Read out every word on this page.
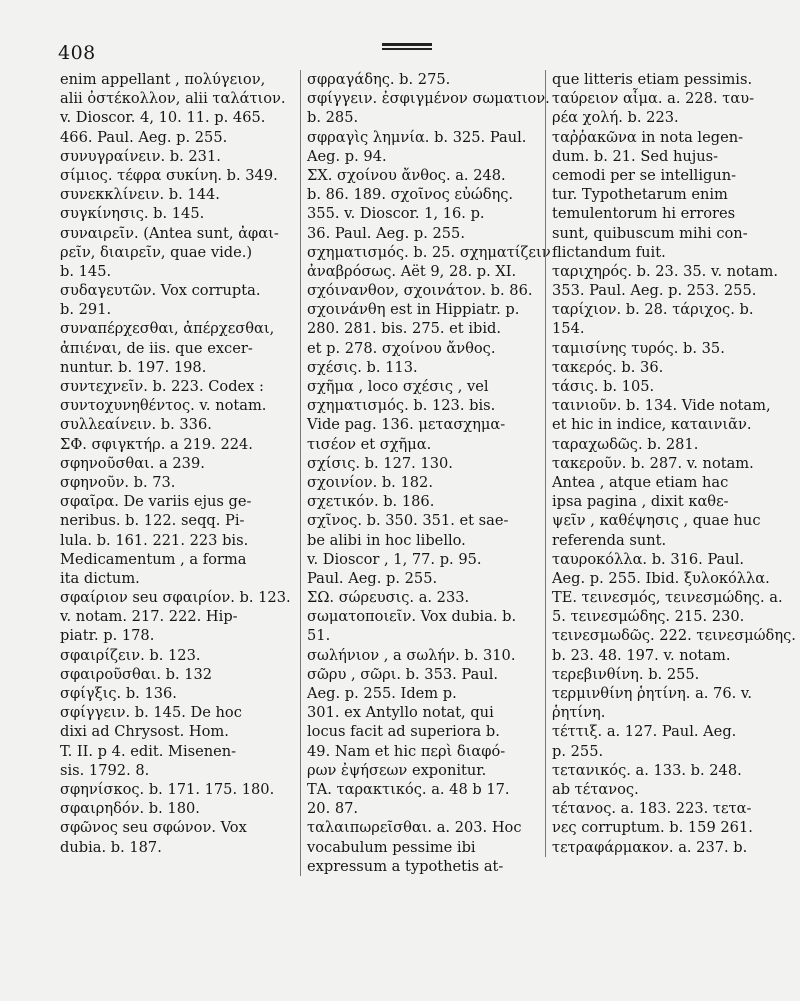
408
enim appellant , πολύγειον,
alii ὀστέκολλον, alii ταλάτιον.
v. Dioscor. 4, 10. 11. p. 465.
466. Paul. Aeg. p. 255.
συνυγραίνειν. b. 231.
σίμιος. τέφρα συκίνη. b. 349.
συνεκκλίνειν. b. 144.
συγκίνησις. b. 145.
συναιρεῖν. (Antea sunt, ἀφαι-
ρεῖν, διαιρεῖν, quae vide.)
b. 145.
συδαγευτῶν. Vox corrupta.
b. 291.
συναπέρχεσθαι, ἀπέρχεσθαι,
ἀπιέναι, de iis. que excer-
nuntur. b. 197. 198.
συντεχνεῖν. b. 223. Codex :
συντοχυνηθέντος. v. notam.
συλλεαίνειν. b. 336.
ΣΦ. σφιγκτήρ. a 219. 224.
σφηνοῦσθαι. a 239.
σφηνοῦν. b. 73.
σφαῖρα. De variis ejus ge-
neribus. b. 122. seqq. Pi-
lula. b. 161. 221. 223 bis.
Medicamentum , a forma
ita dictum.
σφαίριον seu σφαιρίον. b. 123.
v. notam. 217. 222. Hip-
piatr. p. 178.
σφαιρίζειν. b. 123.
σφαιροῦσθαι. b. 132
σφίγξις. b. 136.
σφίγγειν. b. 145. De hoc
dixi ad Chrysost. Hom.
T. II. p 4. edit. Misenen-
sis. 1792. 8.
σφηνίσκος. b. 171. 175. 180.
σφαιρηδόν. b. 180.
σφῶνος seu σφώνον. Vox
dubia. b. 187.
σφραγάδης. b. 275.
σφίγγειν. ἐσφιγμένον σωματιον.
b. 285.
σφραγὶς λημνία. b. 325. Paul.
Aeg. p. 94.
ΣΧ. σχοίνου ἄνθος. a. 248.
b. 86. 189. σχοῖνος εὐώδης.
355. v. Dioscor. 1, 16. p.
36. Paul. Aeg. p. 255.
σχηματισμός. b. 25. σχηματίζειν
ἀναβρόσως. Aët 9, 28. p. XI.
σχόινανθον, σχοινάτον. b. 86.
σχοινάνθη est in Hippiatr. p.
280. 281. bis. 275. et ibid.
et p. 278. σχοίνου ἄνθος.
σχέσις. b. 113.
σχῆμα , loco σχέσις , vel
σχηματισμός. b. 123. bis.
Vide pag. 136. μετασχημα-
τισέον et σχῆμα.
σχίσις. b. 127. 130.
σχοινίον. b. 182.
σχετικόν. b. 186.
σχῖνος. b. 350. 351. et sae-
be alibi in hoc libello.
v. Dioscor , 1, 77. p. 95.
Paul. Aeg. p. 255.
ΣΩ. σώρευσις. a. 233.
σωματοποιεῖν. Vox dubia. b.
51.
σωλήνιον , a σωλήν. b. 310.
σῶρυ , σῶρι. b. 353. Paul.
Aeg. p. 255. Idem p.
301. ex Antyllo notat, qui
locus facit ad superiora b.
49. Nam et hic περὶ διαφό-
ρων ἐψήσεων exponitur.
ΤΑ. ταρακτικός. a. 48 b 17.
20. 87.
ταλαιπωρεῖσθαι. a. 203. Hoc
vocabulum pessime ibi
expressum a typothetis at-
que litteris etiam pessimis.
ταύρειον αἷμα. a. 228. ταυ-
ρέα χολή. b. 223.
ταῤῥακῶνα in nota legen-
dum. b. 21. Sed hujus-
cemodi per se intelligun-
tur. Typothetarum enim
temulentorum hi errores
sunt, quibuscum mihi con-
flictandum fuit.
ταριχηρός. b. 23. 35. v. notam.
353. Paul. Aeg. p. 253. 255.
ταρίχιον. b. 28. τάριχος. b.
154.
ταμισίνης τυρός. b. 35.
τακερός. b. 36.
τάσις. b. 105.
ταινιοῦν. b. 134. Vide notam,
et hic in indice, καταινιᾶν.
ταραχωδῶς. b. 281.
τακεροῦν. b. 287. v. notam.
Antea , atque etiam hac
ipsa pagina , dixit καθε-
ψεῖν , καθέψησις , quae huc
referenda sunt.
ταυροκόλλα. b. 316. Paul.
Aeg. p. 255. Ibid. ξυλοκόλλα.
ΤΕ. τεινεσμός, τεινεσμώδης. a.
5. τεινεσμώδης. 215. 230.
τεινεσμωδῶς. 222. τεινεσμώδης.
b. 23. 48. 197. v. notam.
τερεβινθίνη. b. 255.
τερμινθίνη ῥητίνη. a. 76. v.
ῥητίνη.
τέττιξ. a. 127. Paul. Aeg.
p. 255.
τετανικός. a. 133. b. 248.
ab τέτανος.
τέτανος. a. 183. 223. τετα-
νες corruptum. b. 159 261.
τετραφάρμακον. a. 237. b.
